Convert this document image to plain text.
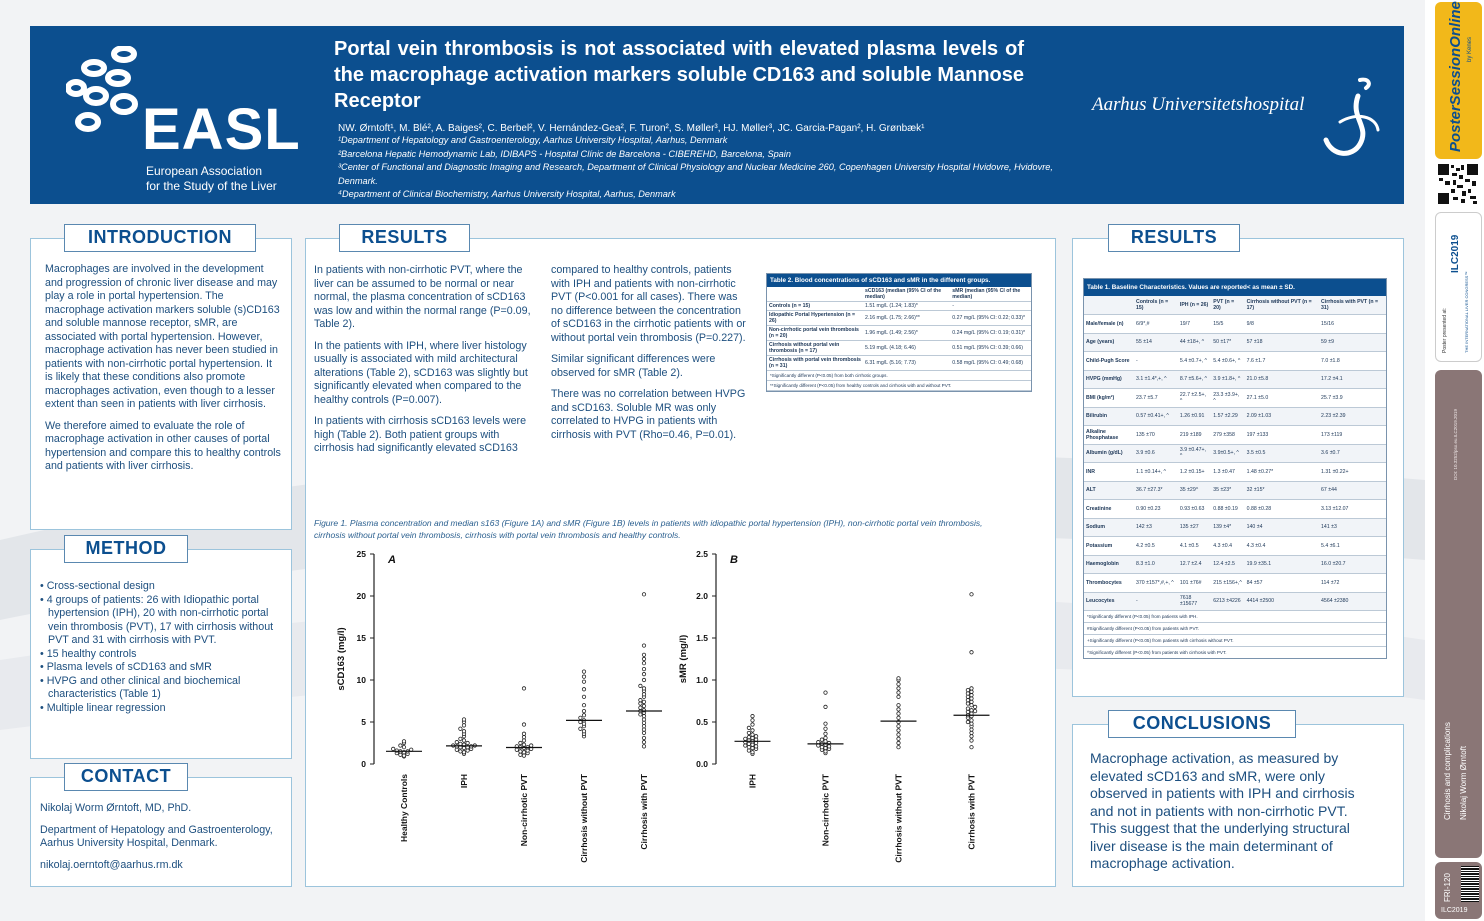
EASL
European Association
for the Study of the Liver
Portal vein thrombosis is not associated with elevated plasma levels of the macrophage activation markers soluble CD163 and soluble Mannose Receptor
NW. Ørntoft¹, M. Blé², A. Baiges², C. Berbel², V. Hernández-Gea², F. Turon², S. Møller³, HJ. Møller³, JC. Garcia-Pagan², H. Grønbæk¹
¹Department of Hepatology and Gastroenterology, Aarhus University Hospital, Aarhus, Denmark
²Barcelona Hepatic Hemodynamic Lab, IDIBAPS - Hospital Clínic de Barcelona - CIBEREHD, Barcelona, Spain
³Center of Functional and Diagnostic Imaging and Research, Department of Clinical Physiology and Nuclear Medicine 260, Copenhagen University Hospital Hvidovre, Hvidovre, Denmark.
⁴Department of Clinical Biochemistry, Aarhus University Hospital, Aarhus, Denmark
Aarhus Universitetshospital
INTRODUCTION

Macrophages are involved in the development and progression of chronic liver disease and may play a role in portal hypertension. The macrophage activation markers soluble (s)CD163 and soluble mannose receptor, sMR, are associated with portal hypertension. However, macrophage activation has never been studied in patients with non-cirrhotic portal hypertension. It is likely that these conditions also promote macrophages activation, even though to a lesser extent than seen in patients with liver cirrhosis.

We therefore aimed to evaluate the role of macrophage activation in other causes of portal hypertension and compare this to healthy controls and patients with liver cirrhosis.

METHOD
• Cross-sectional design
• 4 groups of patients: 26 with Idiopathic portal hypertension (IPH), 20 with non-cirrhotic portal vein thrombosis (PVT), 17 with cirrhosis without PVT and 31 with cirrhosis with PVT.
• 15 healthy controls
• Plasma levels of sCD163 and sMR
• HVPG and other clinical and biochemical characteristics (Table 1)
• Multiple linear regression
CONTACT

Nikolaj Worm Ørntoft, MD, PhD.

Department of Hepatology and Gastroenterology, Aarhus University Hospital, Denmark.

nikolaj.oerntoft@aarhus.rm.dk

RESULTS

In patients with non-cirrhotic PVT, where the liver can be assumed to be normal or near normal, the plasma concentration of sCD163 was low and within the normal range (P=0.09, Table 2).

In the patients with IPH, where liver histology usually is associated with mild architectural alterations (Table 2), sCD163 was slightly but significantly elevated when compared to the healthy controls (P=0.007).

In patients with cirrhosis sCD163 levels were high (Table 2). Both patient groups with cirrhosis had significantly elevated sCD163

compared to healthy controls, patients with IPH and patients with non-cirrhotic PVT (P<0.001 for all cases). There was no difference between the concentration of sCD163 in the cirrhotic patients with or without portal vein thrombosis (P=0.227).

Similar significant differences were observed for sMR (Table 2).

There was no correlation between HVPG and sCD163. Soluble MR was only correlated to HVPG in patients with cirrhosis with PVT (Rho=0.46, P=0.01).

Table 2. Blood concentrations of sCD163 and sMR in the different groups.
	sCD163 (median (95% CI of the median)	sMR (median (95% CI of the median)
Controls (n = 15)	1.51 mg/L (1.24; 1.83)*	-
Idiopathic Portal Hypertension (n = 26)	2.16 mg/L (1.75; 2.66)**	0.27 mg/L (95% CI: 0.22; 0.33)*
Non-cirrhotic portal vein thrombosis (n = 20)	1.96 mg/L (1.49; 2.56)*	0.24 mg/L (95% CI: 0.19; 0.31)*
Cirrhosis without portal vein thrombosis (n = 17)	5.19 mg/L (4.18; 6.46)	0.51 mg/L (95% CI: 0.39; 0.66)
Cirrhosis with portal vein thrombosis (n = 31)	6.31 mg/L (5.16; 7.73)	0.58 mg/L (95% CI: 0.49; 0.68)
*Significantly different (P<0.05) from both cirrhotic groups.
**Significantly different (P<0.05) from healthy controls and cirrhosis with and without PVT.
Figure 1. Plasma concentration and median s163 (Figure 1A) and sMR (Figure 1B) levels in patients with idiopathic portal hypertension (IPH), non-cirrhotic portal vein thrombosis, cirrhosis without portal vein thrombosis, cirrhosis with portal vein thrombosis and healthy controls.
A
0
5
10
15
20
25
sCD163 (mg/l)
Healthy Controls	IPH	Non-cirrhotic PVT	Cirrhosis without PVT	Cirrhosis with PVT
B
0.0
0.5
1.0
1.5
2.0
2.5
sMR (mg/l)
IPH	Non-cirrhotic PVT	Cirrhosis without PVT	Cirrhosis with PVT
RESULTS
Table 1. Baseline Characteristics. Values are reported< as mean ± SD.
	Controls (n = 15)	IPH (n = 26)	PVT (n = 20)	Cirrhosis without PVT (n = 17)	Cirrhosis with PVT (n = 31)
Male/female (n)	6/9*,#	19/7	15/5	9/8	15/16
Age (years)	55 ±14	44 ±18+, ^	50 ±17*	57 ±18	59 ±9
Child-Pugh Score	-	5.4 ±0.7+, ^	5.4 ±0.6+, ^	7.6 ±1.7	7.0 ±1.8
HVPG (mmHg)	3.1 ±1.4*,+, ^	8.7 ±5.6+, ^	3.9 ±1.8+, ^	21.0 ±5.8	17.2 ±4.1
BMI (kg/m²)	23.7 ±5.7	22.7 ±2.5+, ^	23.3 ±3.9+, ^	27.1 ±5.0	25.7 ±3.9
Bilirubin	0.57 ±0.41+, ^	1.26 ±0.91	1.57 ±2.29	2.09 ±1.03	2.23 ±2.39
Alkaline Phosphatase	135 ±70	219 ±189	279 ±358	197 ±133	173 ±119
Albumin (g/dL)	3.9 ±0.6	3.9 ±0.47+, ^	3.9±0.5+, ^	3.5 ±0.5	3.6 ±0.7
INR	1.1 ±0.14+, ^	1.2 ±0.15+	1.3 ±0.47	1.48 ±0.27*	1.31 ±0.22+
ALT	36.7 ±27.3*	35 ±29^	35 ±23*	32 ±15*	67 ±44
Creatinine	0.90 ±0.23	0.93 ±0.63	0.88 ±0.19	0.88 ±0.28	3.13 ±12.07
Sodium	142 ±3	135 ±27	139 ±4*	140 ±4	141 ±3
Potassium	4.2 ±0.5	4.1 ±0.5	4.3 ±0.4	4.3 ±0.4	5.4 ±6.1
Haemoglobin	8.3 ±1.0	12.7 ±2.4	12.4 ±2.5	19.9 ±35.1	16.0 ±20.7
Thrombocytes	370 ±157*,#,+, ^	101 ±76#	215 ±156+,^	84 ±57	114 ±72
Leucocytes	-	7618 ±15677	6213 ±4226	4414 ±2500	4564 ±2380
*Significantly different (P<0.05) from patients with IPH.
#Significantly different (P<0.05) from patients with PVT.
+Significantly different (P<0.05) from patients with cirrhosis without PVT.
^Significantly different (P<0.05) from patients with cirrhosis with PVT.
CONCLUSIONS
Macrophage activation, as measured by elevated sCD163 and sMR, were only observed in patients with IPH and cirrhosis and not in patients with non-cirrhotic PVT. This suggest that the underlying structural liver disease is the main determinant of macrophage activation.
PosterSessionOnline by Kenes
Poster presented at:
ILC2019
THE INTERNATIONAL LIVER CONGRESS™
DOI: 10.3252/pso.eu.ILC2019.2019
Cirrhosis and complications Nikolaj Worm Ørntoft
FRI-120
ILC2019
